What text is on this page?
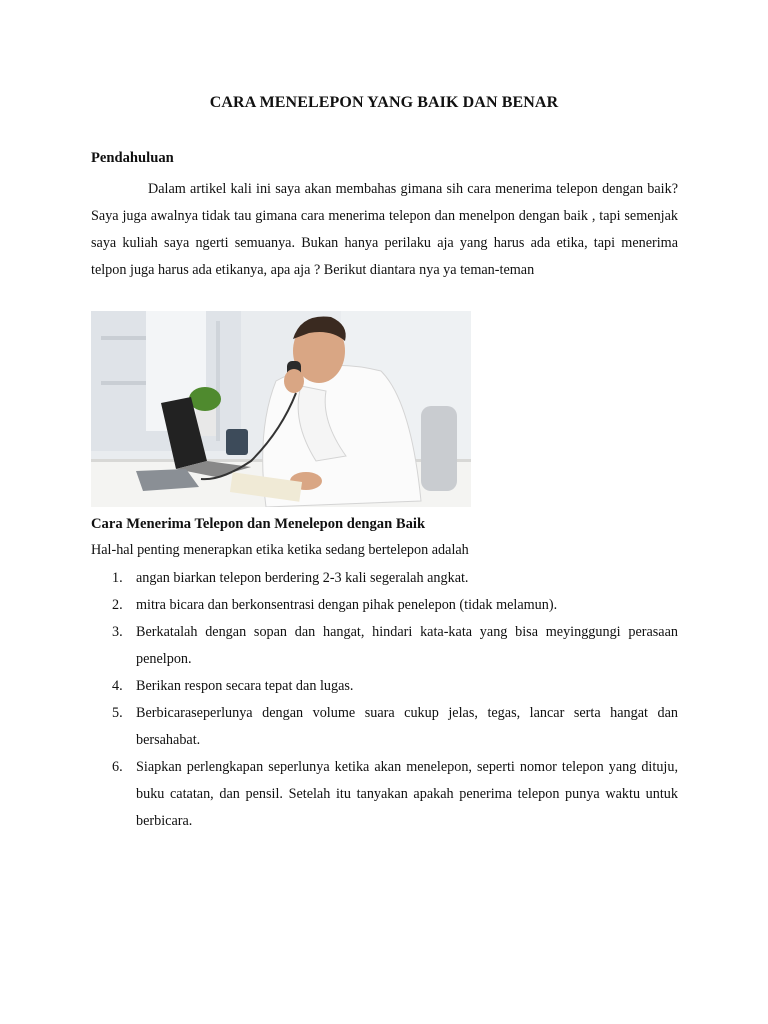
CARA MENELEPON YANG BAIK DAN BENAR
Pendahuluan

Dalam artikel kali ini saya akan membahas gimana sih cara menerima telepon dengan baik? Saya juga awalnya tidak tau gimana cara menerima telepon dan menelpon dengan baik , tapi semenjak saya kuliah saya ngerti semuanya. Bukan hanya perilaku aja yang harus ada etika, tapi menerima telpon juga harus ada etikanya, apa aja ? Berikut diantara nya ya teman-teman

Cara Menerima Telepon dan Menelepon dengan Baik
Hal-hal penting menerapkan etika ketika sedang bertelepon adalah
1. angan biarkan telepon berdering 2-3 kali segeralah angkat.
2. mitra bicara dan berkonsentrasi dengan pihak penelepon (tidak melamun).
3. Berkatalah dengan sopan dan hangat, hindari kata-kata yang bisa meyinggungi perasaan penelpon.
4. Berikan respon secara tepat dan lugas.
5. Berbicaraseperlunya dengan volume suara cukup jelas, tegas, lancar serta hangat dan bersahabat.
6. Siapkan perlengkapan seperlunya ketika akan menelepon, seperti nomor telepon yang dituju, buku catatan, dan pensil. Setelah itu tanyakan apakah penerima telepon punya waktu untuk berbicara.
